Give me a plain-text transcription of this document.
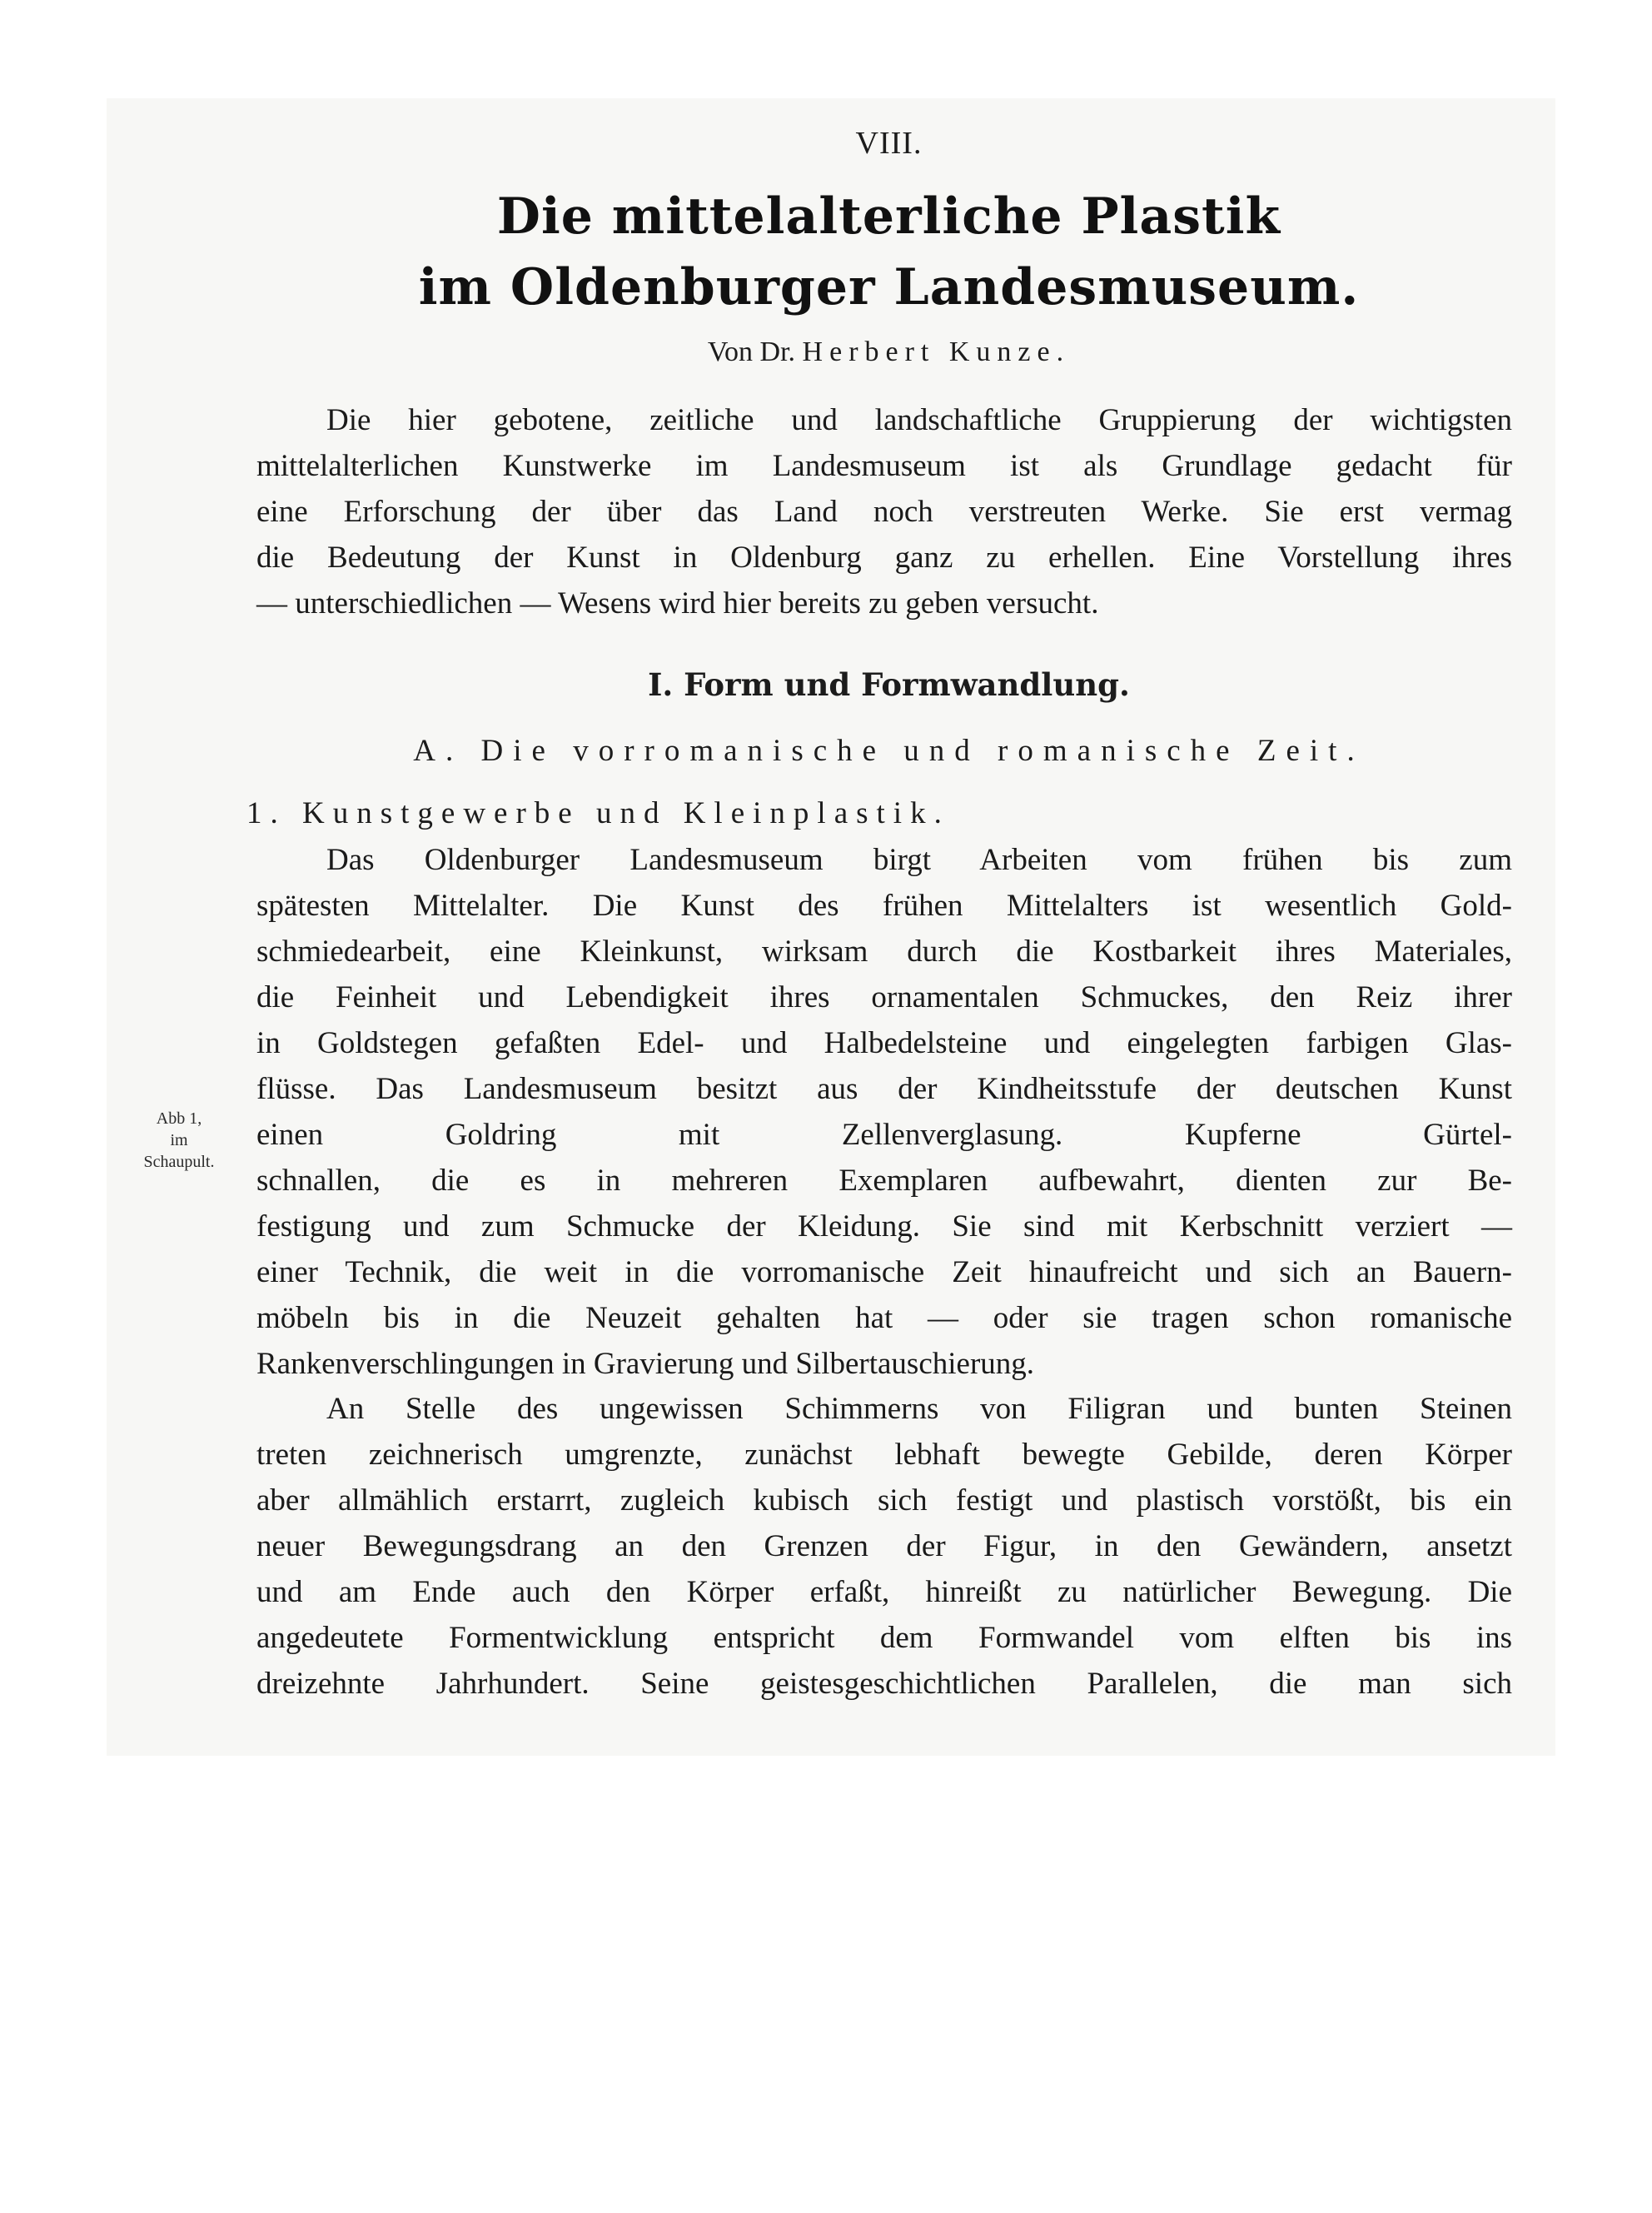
VIII.
Die mittelalterliche Plastik
im Oldenburger Landesmuseum.
Von Dr. Herbert Kunze.
Die hier gebotene, zeitliche und landschaftliche Gruppierung der wichtigsten
mittelalterlichen Kunstwerke im Landesmuseum ist als Grundlage gedacht für
eine Erforschung der über das Land noch verstreuten Werke. Sie erst vermag
die Bedeutung der Kunst in Oldenburg ganz zu erhellen. Eine Vorstellung ihres
— unterschiedlichen — Wesens wird hier bereits zu geben versucht.
I. Form und Formwandlung.
A. Die vorromanische und romanische Zeit.
1. Kunstgewerbe und Kleinplastik.
Abb 1,
im
Schaupult.
Das Oldenburger Landesmuseum birgt Arbeiten vom frühen bis zum
spätesten Mittelalter. Die Kunst des frühen Mittelalters ist wesentlich Gold-
schmiedearbeit, eine Kleinkunst, wirksam durch die Kostbarkeit ihres Materiales,
die Feinheit und Lebendigkeit ihres ornamentalen Schmuckes, den Reiz ihrer
in Goldstegen gefaßten Edel- und Halbedelsteine und eingelegten farbigen Glas-
flüsse. Das Landesmuseum besitzt aus der Kindheitsstufe der deutschen Kunst
einen Goldring mit Zellenverglasung. Kupferne Gürtel-
schnallen, die es in mehreren Exemplaren aufbewahrt, dienten zur Be-
festigung und zum Schmucke der Kleidung. Sie sind mit Kerbschnitt verziert —
einer Technik, die weit in die vorromanische Zeit hinaufreicht und sich an Bauern-
möbeln bis in die Neuzeit gehalten hat — oder sie tragen schon romanische
Rankenverschlingungen in Gravierung und Silbertauschierung.
An Stelle des ungewissen Schimmerns von Filigran und bunten Steinen
treten zeichnerisch umgrenzte, zunächst lebhaft bewegte Gebilde, deren Körper
aber allmählich erstarrt, zugleich kubisch sich festigt und plastisch vorstößt, bis ein
neuer Bewegungsdrang an den Grenzen der Figur, in den Gewändern, ansetzt
und am Ende auch den Körper erfaßt, hinreißt zu natürlicher Bewegung. Die
angedeutete Formentwicklung entspricht dem Formwandel vom elften bis ins
dreizehnte Jahrhundert. Seine geistesgeschichtlichen Parallelen, die man sich
